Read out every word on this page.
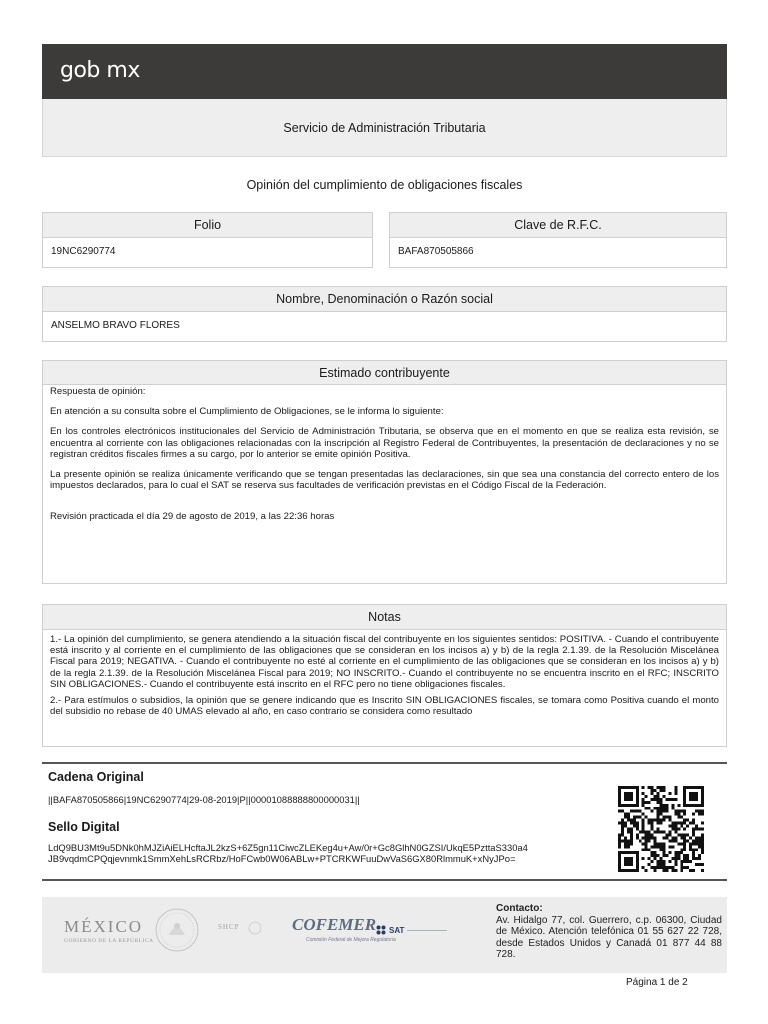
gob mx
Servicio de Administración Tributaria
Opinión del cumplimiento de obligaciones fiscales
Folio
19NC6290774
Clave de R.F.C.
BAFA870505866
Nombre, Denominación o Razón social
ANSELMO BRAVO FLORES
Estimado contribuyente

Respuesta de opinión:

En atención a su consulta sobre el Cumplimiento de Obligaciones, se le informa lo siguiente:

En los controles electrónicos institucionales del Servicio de Administración Tributaria, se observa que en el momento en que se realiza esta revisión, se encuentra al corriente con las obligaciones relacionadas con la inscripción al Registro Federal de Contribuyentes, la presentación de declaraciones y no se registran créditos fiscales firmes a su cargo, por lo anterior se emite opinión Positiva.

La presente opinión se realiza únicamente verificando que se tengan presentadas las declaraciones, sin que sea una constancia del correcto entero de los impuestos declarados, para lo cual el SAT se reserva sus facultades de verificación previstas en el Código Fiscal de la Federación.

Revisión practicada el día 29 de agosto de 2019, a las 22:36 horas

Notas

1.- La opinión del cumplimiento, se genera atendiendo a la situación fiscal del contribuyente en los siguientes sentidos: POSITIVA. - Cuando el contribuyente está inscrito y al corriente en el cumplimiento de las obligaciones que se consideran en los incisos a) y b) de la regla 2.1.39. de la Resolución Miscelánea Fiscal para 2019; NEGATIVA. - Cuando el contribuyente no esté al corriente en el cumplimiento de las obligaciones que se consideran en los incisos a) y b) de la regla 2.1.39. de la Resolución Miscelánea Fiscal para 2019; NO INSCRITO.- Cuando el contribuyente no se encuentra inscrito en el RFC; INSCRITO SIN OBLIGACIONES.- Cuando el contribuyente está inscrito en el RFC pero no tiene obligaciones fiscales.

2.- Para estímulos o subsidios, la opinión que se genere indicando que es Inscrito SIN OBLIGACIONES fiscales, se tomara como Positiva cuando el monto del subsidio no rebase de 40 UMAS elevado al año, en caso contrario se considera como resultado

Cadena Original
||BAFA870505866|19NC6290774|29-08-2019|P||00001088888800000031||
Sello Digital
LdQ9BU3Mt9u5DNk0hMJZiAiELHcftaJL2kzS+6Z5gn11CiwcZLEKeg4u+Aw/0r+Gc8GlhN0GZSI/UkqE5PzttaS330a4
JB9vqdmCPQqjevnmk1SmmXehLsRCRbz/HoFCwb0W06ABLw+PTCRKWFuuDwVaS6GX80RlmmuK+xNyJPo=
MÉXICO
GOBIERNO DE LA REPÚBLICA
SHCP	COFEMER
Comisión Federal de Mejora Regulatoria
SAT
Contacto:
Av. Hidalgo 77, col. Guerrero, c.p. 06300, Ciudad de México. Atención telefónica 01 55 627 22 728, desde Estados Unidos y Canadá 01 877 44 88 728.
Página 1 de 2
